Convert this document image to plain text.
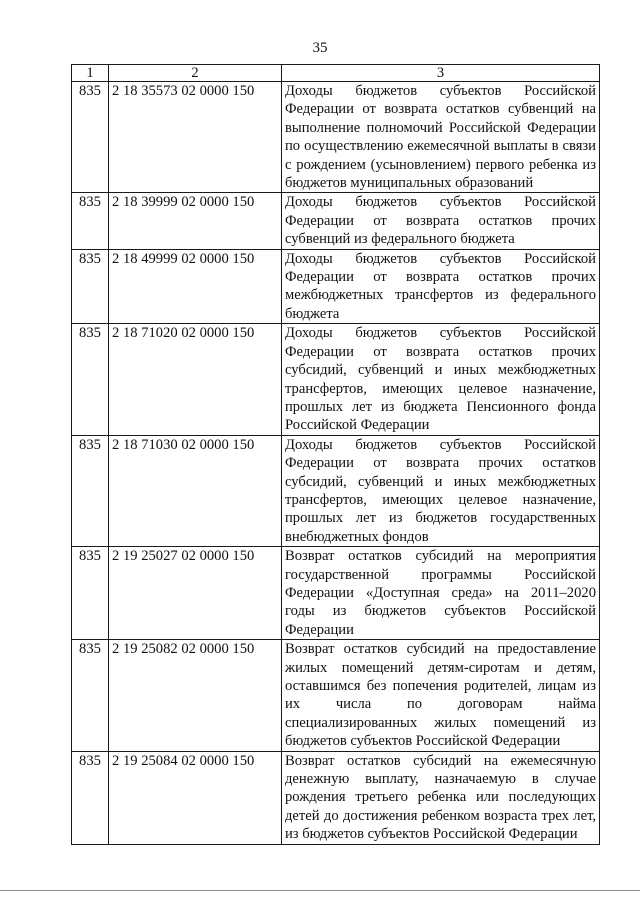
35
1	2	3
835	2 18 35573 02 0000 150	Доходы бюджетов субъектов Российской Федерации от возврата остатков субвенций на выполнение полномочий Российской Федерации по осуществлению ежемесячной выплаты в связи с рождением (усыновлением) первого ребенка из бюджетов муниципальных образований
835	2 18 39999 02 0000 150	Доходы бюджетов субъектов Российской Федерации от возврата остатков прочих субвенций из федерального бюджета
835	2 18 49999 02 0000 150	Доходы бюджетов субъектов Российской Федерации от возврата остатков прочих межбюджетных трансфертов из федерального бюджета
835	2 18 71020 02 0000 150	Доходы бюджетов субъектов Российской Федерации от возврата остатков прочих субсидий, субвенций и иных межбюджетных трансфертов, имеющих целевое назначение, прошлых лет из бюджета Пенсионного фонда Российской Федерации
835	2 18 71030 02 0000 150	Доходы бюджетов субъектов Российской Федерации от возврата прочих остатков субсидий, субвенций и иных межбюджетных трансфертов, имеющих целевое назначение, прошлых лет из бюджетов государственных внебюджетных фондов
835	2 19 25027 02 0000 150	Возврат остатков субсидий на мероприятия государственной программы Российской Федерации «Доступная среда» на 2011–2020 годы из бюджетов субъектов Российской Федерации
835	2 19 25082 02 0000 150	Возврат остатков субсидий на предоставление жилых помещений детям-сиротам и детям, оставшимся без попечения родителей, лицам из их числа по договорам найма специализированных жилых помещений из бюджетов субъектов Российской Федерации
835	2 19 25084 02 0000 150	Возврат остатков субсидий на ежемесячную денежную выплату, назначаемую в случае рождения третьего ребенка или последующих детей до достижения ребенком возраста трех лет, из бюджетов субъектов Российской Федерации
